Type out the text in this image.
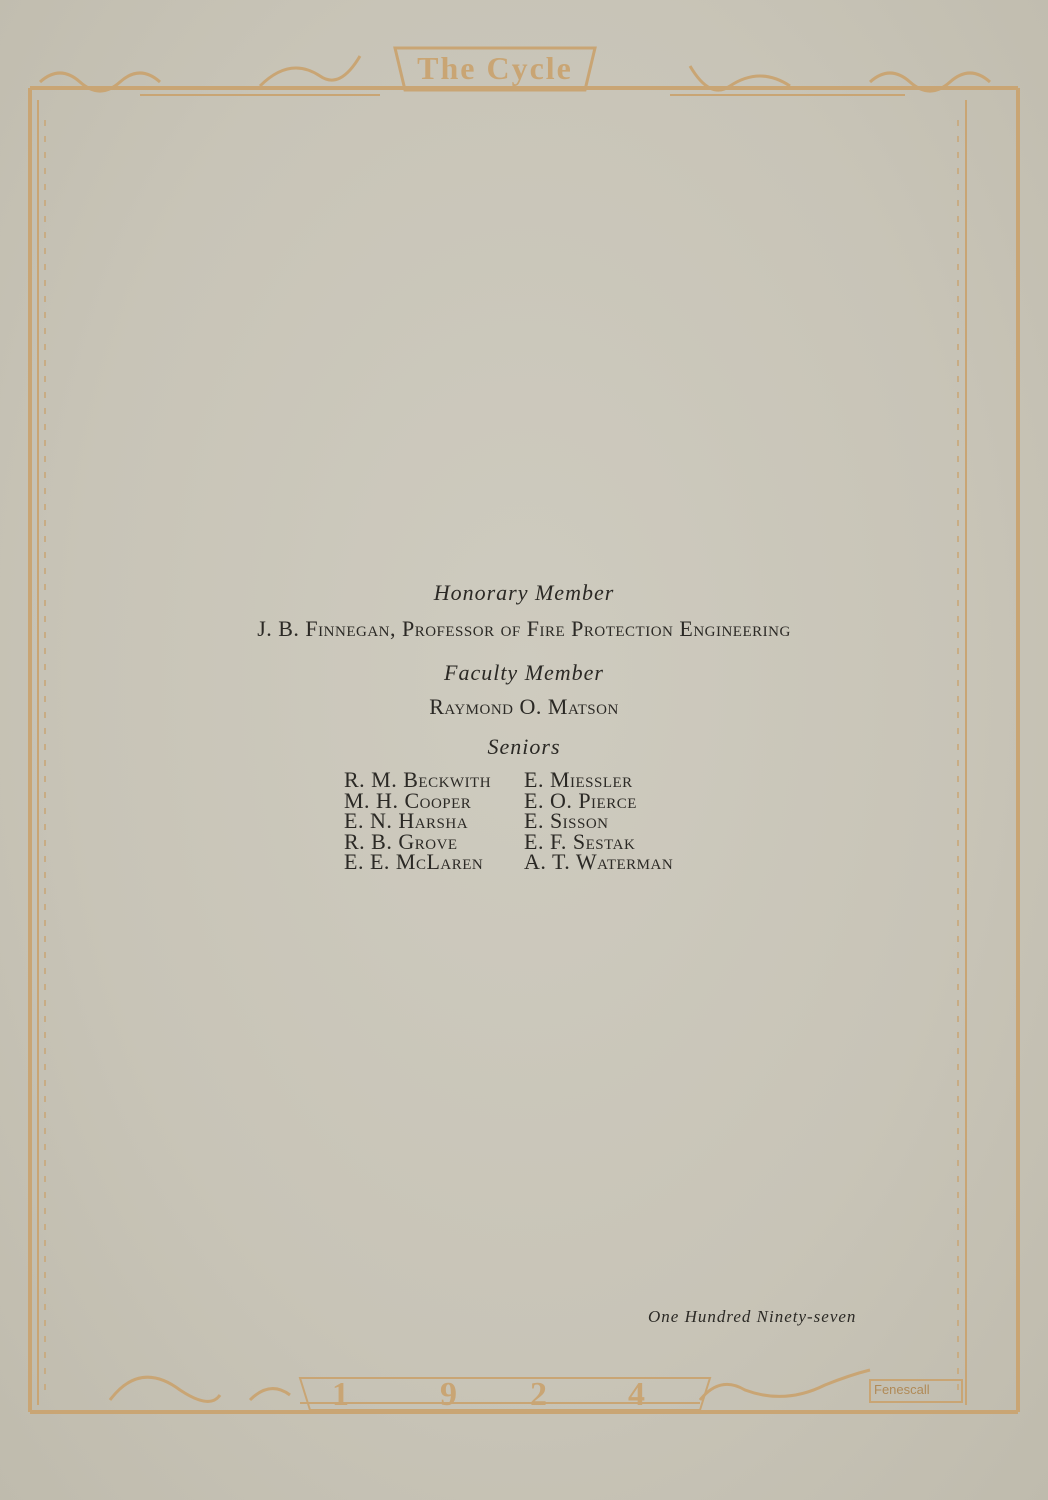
The Cycle
1	9 2 4	Fenescall

Honorary Member

J. B. Finnegan, Professor of Fire Protection Engineering

Faculty Member

Raymond O. Matson

Seniors

R. M. Beckwith
M. H. Cooper
E. N. Harsha
R. B. Grove
E. E. McLaren
E. Miessler
E. O. Pierce
E. Sisson
E. F. Sestak
A. T. Waterman
One Hundred Ninety-seven
